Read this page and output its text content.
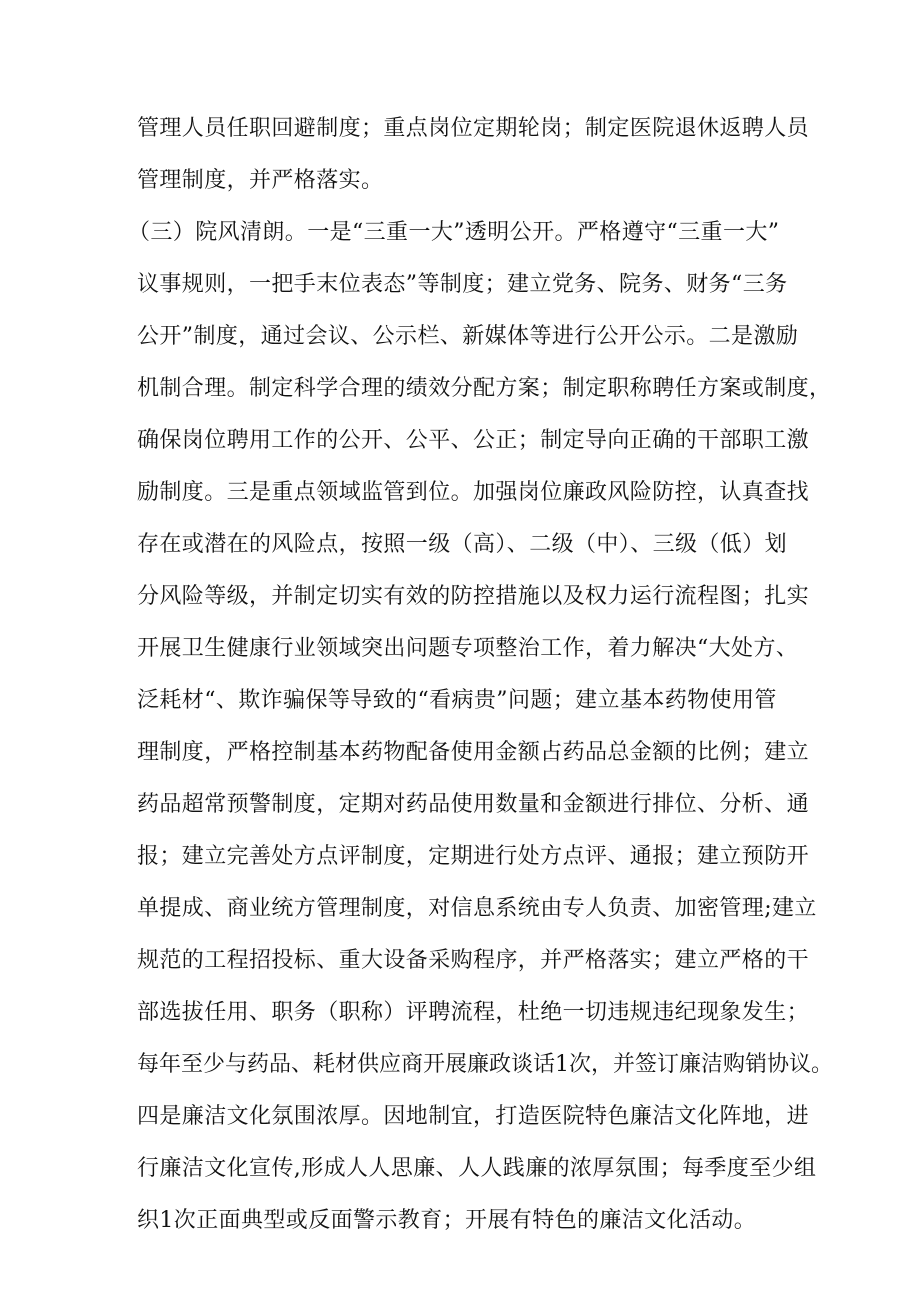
管理人员任职回避制度；重点岗位定期轮岗；制定医院退休返聘人员
管理制度，并严格落实。
（三）院风清朗。一是“三重一大”透明公开。严格遵守“三重一大”
议事规则，一把手末位表态”等制度；建立党务、院务、财务“三务
公开”制度，通过会议、公示栏、新媒体等进行公开公示。二是激励
机制合理。制定科学合理的绩效分配方案；制定职称聘任方案或制度，
确保岗位聘用工作的公开、公平、公正；制定导向正确的干部职工激
励制度。三是重点领域监管到位。加强岗位廉政风险防控，认真查找
存在或潜在的风险点，按照一级（高）、二级（中）、三级（低）划
分风险等级，并制定切实有效的防控措施以及权力运行流程图；扎实
开展卫生健康行业领域突出问题专项整治工作，着力解决“大处方、
泛耗材“、欺诈骗保等导致的“看病贵”问题；建立基本药物使用管
理制度，严格控制基本药物配备使用金额占药品总金额的比例；建立
药品超常预警制度，定期对药品使用数量和金额进行排位、分析、通
报；建立完善处方点评制度，定期进行处方点评、通报；建立预防开
单提成、商业统方管理制度，对信息系统由专人负责、加密管理;建立
规范的工程招投标、重大设备采购程序，并严格落实；建立严格的干
部选拔任用、职务（职称）评聘流程，杜绝一切违规违纪现象发生；
每年至少与药品、耗材供应商开展廉政谈话1次，并签订廉洁购销协议。
四是廉洁文化氛围浓厚。因地制宜，打造医院特色廉洁文化阵地，进
行廉洁文化宣传,形成人人思廉、人人践廉的浓厚氛围；每季度至少组
织1次正面典型或反面警示教育；开展有特色的廉洁文化活动。
